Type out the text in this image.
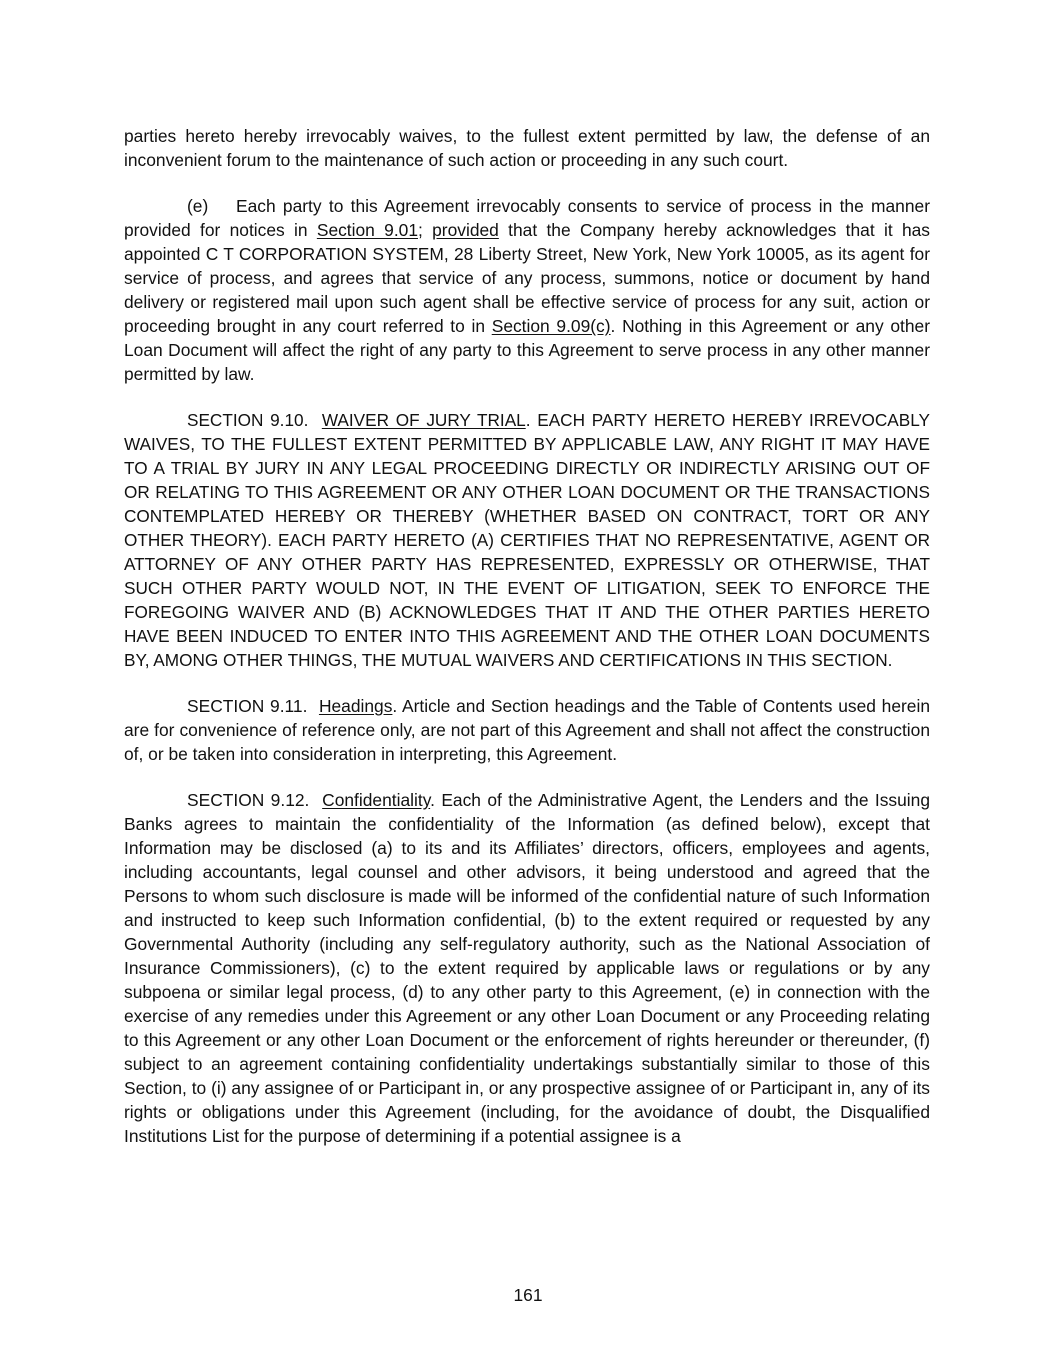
parties hereto hereby irrevocably waives, to the fullest extent permitted by law, the defense of an inconvenient forum to the maintenance of such action or proceeding in any such court.

(e) Each party to this Agreement irrevocably consents to service of process in the manner provided for notices in Section 9.01; provided that the Company hereby acknowledges that it has appointed C T CORPORATION SYSTEM, 28 Liberty Street, New York, New York 10005, as its agent for service of process, and agrees that service of any process, summons, notice or document by hand delivery or registered mail upon such agent shall be effective service of process for any suit, action or proceeding brought in any court referred to in Section 9.09(c). Nothing in this Agreement or any other Loan Document will affect the right of any party to this Agreement to serve process in any other manner permitted by law.

SECTION 9.10. WAIVER OF JURY TRIAL. EACH PARTY HERETO HEREBY IRREVOCABLY WAIVES, TO THE FULLEST EXTENT PERMITTED BY APPLICABLE LAW, ANY RIGHT IT MAY HAVE TO A TRIAL BY JURY IN ANY LEGAL PROCEEDING DIRECTLY OR INDIRECTLY ARISING OUT OF OR RELATING TO THIS AGREEMENT OR ANY OTHER LOAN DOCUMENT OR THE TRANSACTIONS CONTEMPLATED HEREBY OR THEREBY (WHETHER BASED ON CONTRACT, TORT OR ANY OTHER THEORY). EACH PARTY HERETO (A) CERTIFIES THAT NO REPRESENTATIVE, AGENT OR ATTORNEY OF ANY OTHER PARTY HAS REPRESENTED, EXPRESSLY OR OTHERWISE, THAT SUCH OTHER PARTY WOULD NOT, IN THE EVENT OF LITIGATION, SEEK TO ENFORCE THE FOREGOING WAIVER AND (B) ACKNOWLEDGES THAT IT AND THE OTHER PARTIES HERETO HAVE BEEN INDUCED TO ENTER INTO THIS AGREEMENT AND THE OTHER LOAN DOCUMENTS BY, AMONG OTHER THINGS, THE MUTUAL WAIVERS AND CERTIFICATIONS IN THIS SECTION.

SECTION 9.11. Headings. Article and Section headings and the Table of Contents used herein are for convenience of reference only, are not part of this Agreement and shall not affect the construction of, or be taken into consideration in interpreting, this Agreement.

SECTION 9.12. Confidentiality. Each of the Administrative Agent, the Lenders and the Issuing Banks agrees to maintain the confidentiality of the Information (as defined below), except that Information may be disclosed (a) to its and its Affiliates’ directors, officers, employees and agents, including accountants, legal counsel and other advisors, it being understood and agreed that the Persons to whom such disclosure is made will be informed of the confidential nature of such Information and instructed to keep such Information confidential, (b) to the extent required or requested by any Governmental Authority (including any self-regulatory authority, such as the National Association of Insurance Commissioners), (c) to the extent required by applicable laws or regulations or by any subpoena or similar legal process, (d) to any other party to this Agreement, (e) in connection with the exercise of any remedies under this Agreement or any other Loan Document or any Proceeding relating to this Agreement or any other Loan Document or the enforcement of rights hereunder or thereunder, (f) subject to an agreement containing confidentiality undertakings substantially similar to those of this Section, to (i) any assignee of or Participant in, or any prospective assignee of or Participant in, any of its rights or obligations under this Agreement (including, for the avoidance of doubt, the Disqualified Institutions List for the purpose of determining if a potential assignee is a

161
